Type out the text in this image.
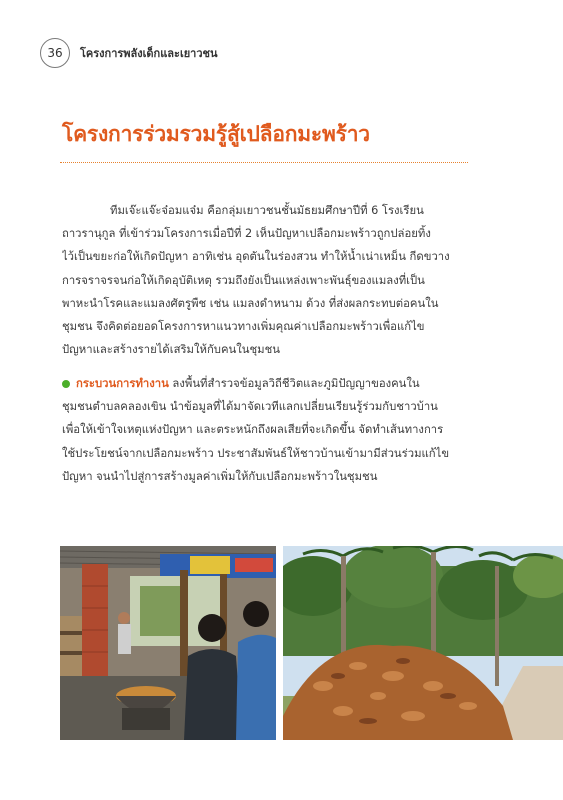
36	โครงการพลังเด็กและเยาวชน
โครงการร่วมรวมรู้สู้เปลือกมะพร้าว
ทีมเจ๊ะแจ๊ะจ๋อมแจ๋ม คือกลุ่มเยาวชนชั้นมัธยมศึกษาปีที่ 6 โรงเรียน
ถาวรานุกูล ที่เข้าร่วมโครงการเมื่อปีที่ 2 เห็นปัญหาเปลือกมะพร้าวถูกปล่อยทิ้ง
ไว้เป็นขยะก่อให้เกิดปัญหา อาทิเช่น อุดตันในร่องสวน ทำให้น้ำเน่าเหม็น กีดขวาง
การจราจรจนก่อให้เกิดอุบัติเหตุ รวมถึงยังเป็นแหล่งเพาะพันธุ์ของแมลงที่เป็น
พาหะนำโรคและแมลงศัตรูพืช เช่น แมลงดำหนาม ด้วง ที่ส่งผลกระทบต่อคนใน
ชุมชน จึงคิดต่อยอดโครงการหาแนวทางเพิ่มคุณค่าเปลือกมะพร้าวเพื่อแก้ไข
ปัญหาและสร้างรายได้เสริมให้กับคนในชุมชน
กระบวนการทำงาน ลงพื้นที่สำรวจข้อมูลวิถีชีวิตและภูมิปัญญาของคนใน
ชุมชนตำบลคลองเขิน นำข้อมูลที่ได้มาจัดเวทีแลกเปลี่ยนเรียนรู้ร่วมกับชาวบ้าน
เพื่อให้เข้าใจเหตุแห่งปัญหา และตระหนักถึงผลเสียที่จะเกิดขึ้น จัดทำเส้นทางการ
ใช้ประโยชน์จากเปลือกมะพร้าว ประชาสัมพันธ์ให้ชาวบ้านเข้ามามีส่วนร่วมแก้ไข
ปัญหา จนนำไปสู่การสร้างมูลค่าเพิ่มให้กับเปลือกมะพร้าวในชุมชน
